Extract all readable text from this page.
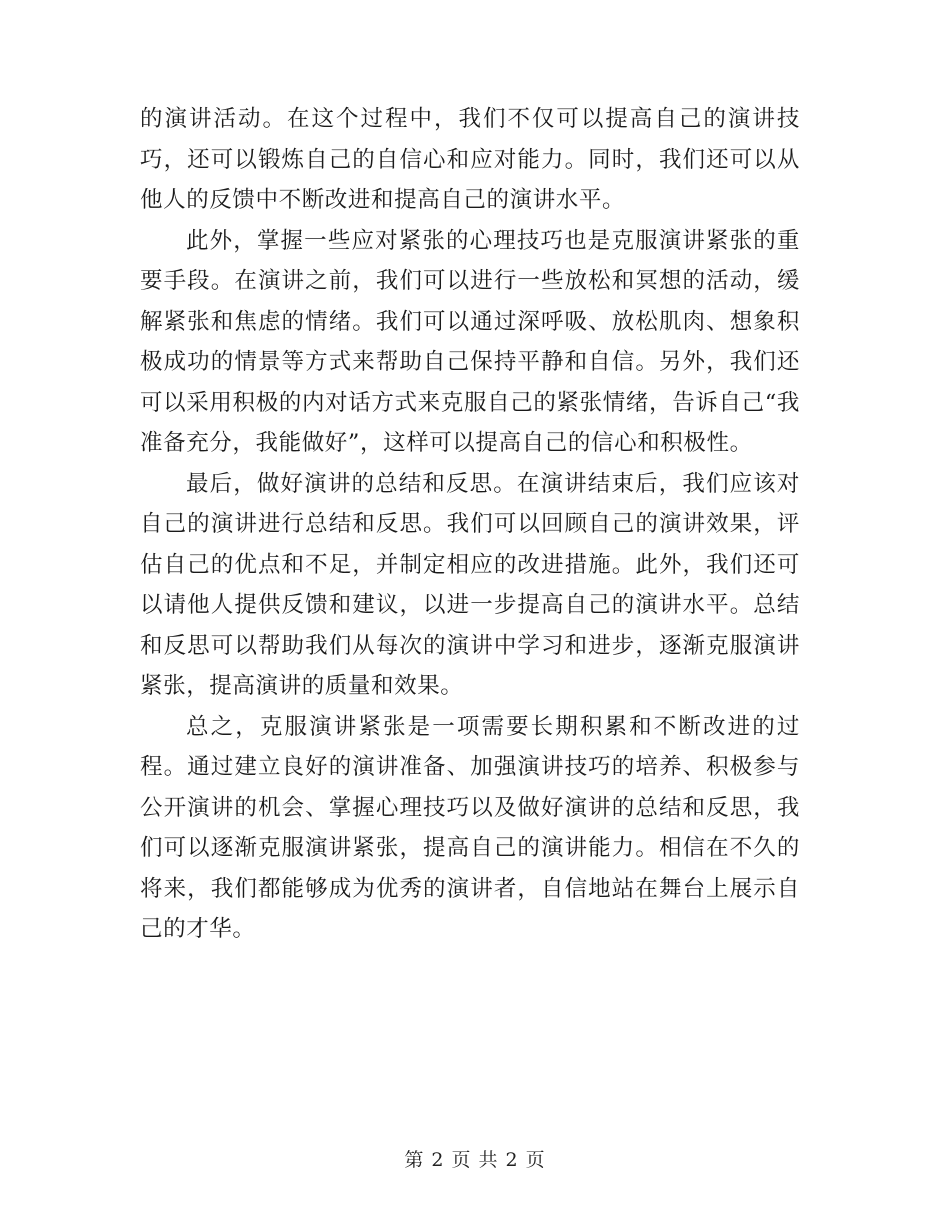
的演讲活动。在这个过程中，我们不仅可以提高自己的演讲技巧，还可以锻炼自己的自信心和应对能力。同时，我们还可以从他人的反馈中不断改进和提高自己的演讲水平。

此外，掌握一些应对紧张的心理技巧也是克服演讲紧张的重要手段。在演讲之前，我们可以进行一些放松和冥想的活动，缓解紧张和焦虑的情绪。我们可以通过深呼吸、放松肌肉、想象积极成功的情景等方式来帮助自己保持平静和自信。另外，我们还可以采用积极的内对话方式来克服自己的紧张情绪，告诉自己“我准备充分，我能做好”，这样可以提高自己的信心和积极性。

最后，做好演讲的总结和反思。在演讲结束后，我们应该对自己的演讲进行总结和反思。我们可以回顾自己的演讲效果，评估自己的优点和不足，并制定相应的改进措施。此外，我们还可以请他人提供反馈和建议，以进一步提高自己的演讲水平。总结和反思可以帮助我们从每次的演讲中学习和进步，逐渐克服演讲紧张，提高演讲的质量和效果。

总之，克服演讲紧张是一项需要长期积累和不断改进的过程。通过建立良好的演讲准备、加强演讲技巧的培养、积极参与公开演讲的机会、掌握心理技巧以及做好演讲的总结和反思，我们可以逐渐克服演讲紧张，提高自己的演讲能力。相信在不久的将来，我们都能够成为优秀的演讲者，自信地站在舞台上展示自己的才华。

第 2 页 共 2 页
